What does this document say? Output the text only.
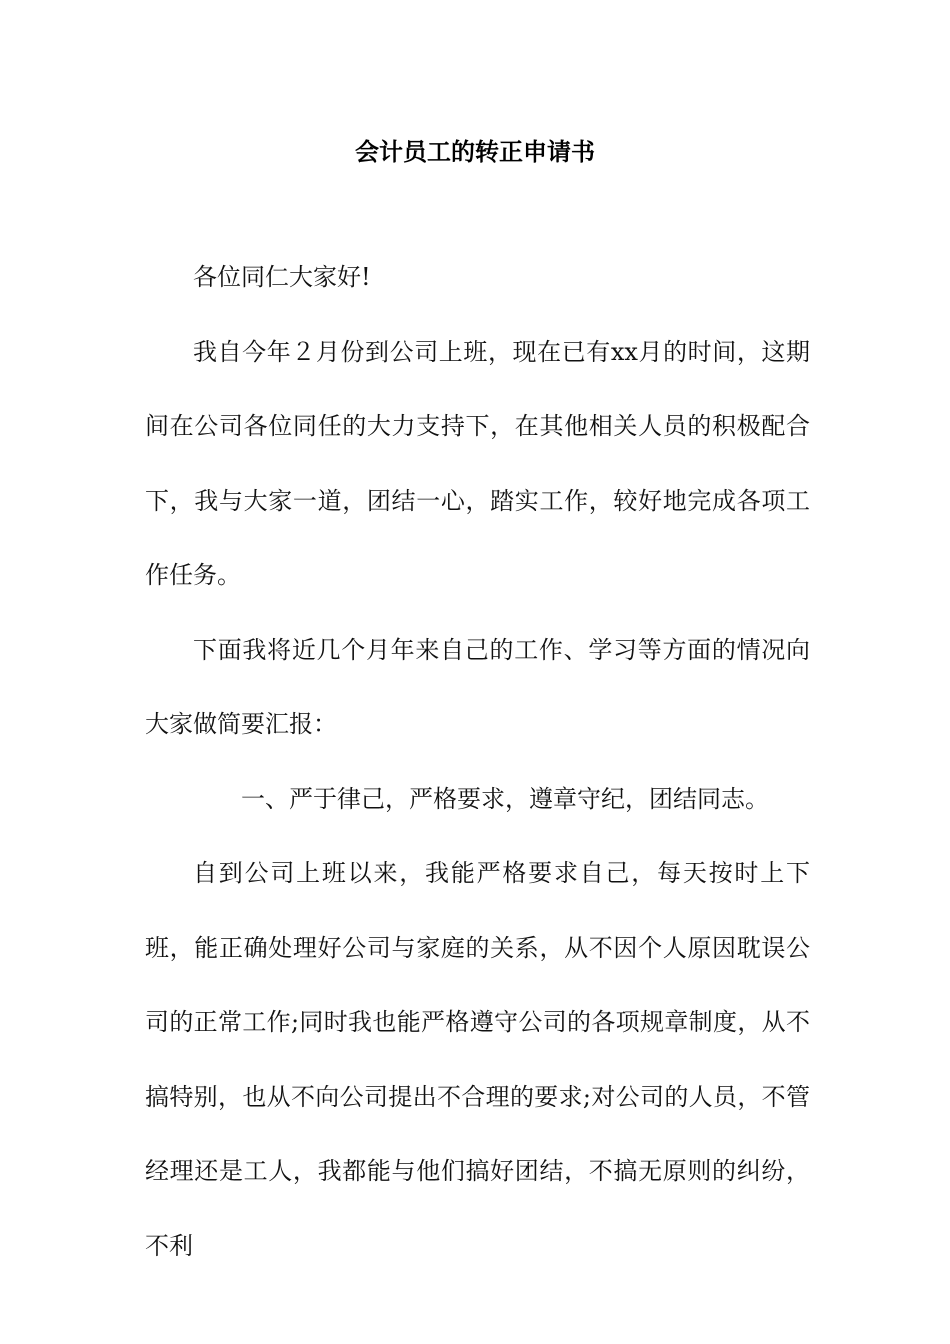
会计员工的转正申请书

各位同仁大家好!

我自今年２月份到公司上班，现在已有xx月的时间，这期间在公司各位同任的大力支持下，在其他相关人员的积极配合下，我与大家一道，团结一心，踏实工作，较好地完成各项工作任务。

下面我将近几个月年来自己的工作、学习等方面的情况向大家做简要汇报：

一、严于律己，严格要求，遵章守纪，团结同志。

自到公司上班以来，我能严格要求自己，每天按时上下班，能正确处理好公司与家庭的关系，从不因个人原因耽误公司的正常工作;同时我也能严格遵守公司的各项规章制度，从不搞特别，也从不向公司提出不合理的要求;对公司的人员，不管经理还是工人，我都能与他们搞好团结，不搞无原则的纠纷，不利
